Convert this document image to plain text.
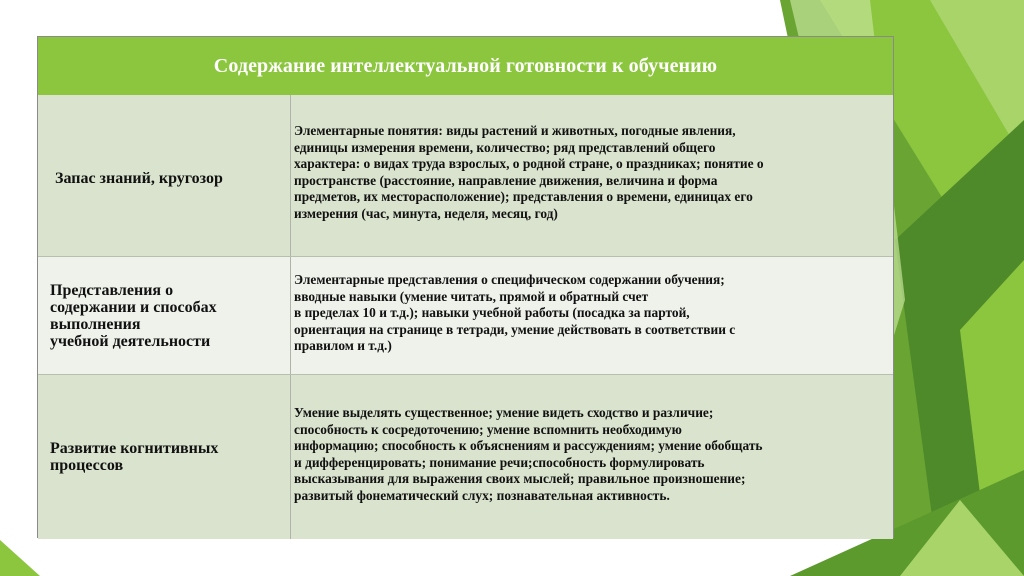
Содержание интеллектуальной готовности к обучению
Запас знаний, кругозор
Элементарные понятия: виды растений и животных, погодные явления,
единицы измерения времени, количество; ряд представлений общего
характера: о видах труда взрослых, о родной стране, о праздниках; понятие о
пространстве (расстояние, направление движения, величина и форма
предметов, их месторасположение); представления о времени, единицах его
измерения (час, минута, неделя, месяц, год)
Представления о
содержании и способах
выполнения
учебной деятельности
Элементарные представления о специфическом содержании обучения;
вводные навыки (умение читать, прямой и обратный счет
в пределах 10 и т.д.); навыки учебной работы (посадка за партой,
ориентация на странице в тетради, умение действовать в соответствии с
правилом и т.д.)
Развитие когнитивных
процессов
Умение выделять существенное; умение видеть сходство и различие;
способность к сосредоточению; умение вспомнить необходимую
информацию; способность к объяснениям и рассуждениям; умение обобщать
и дифференцировать; понимание речи;способность формулировать
высказывания для выражения своих мыслей; правильное произношение;
развитый фонематический слух; познавательная активность.
